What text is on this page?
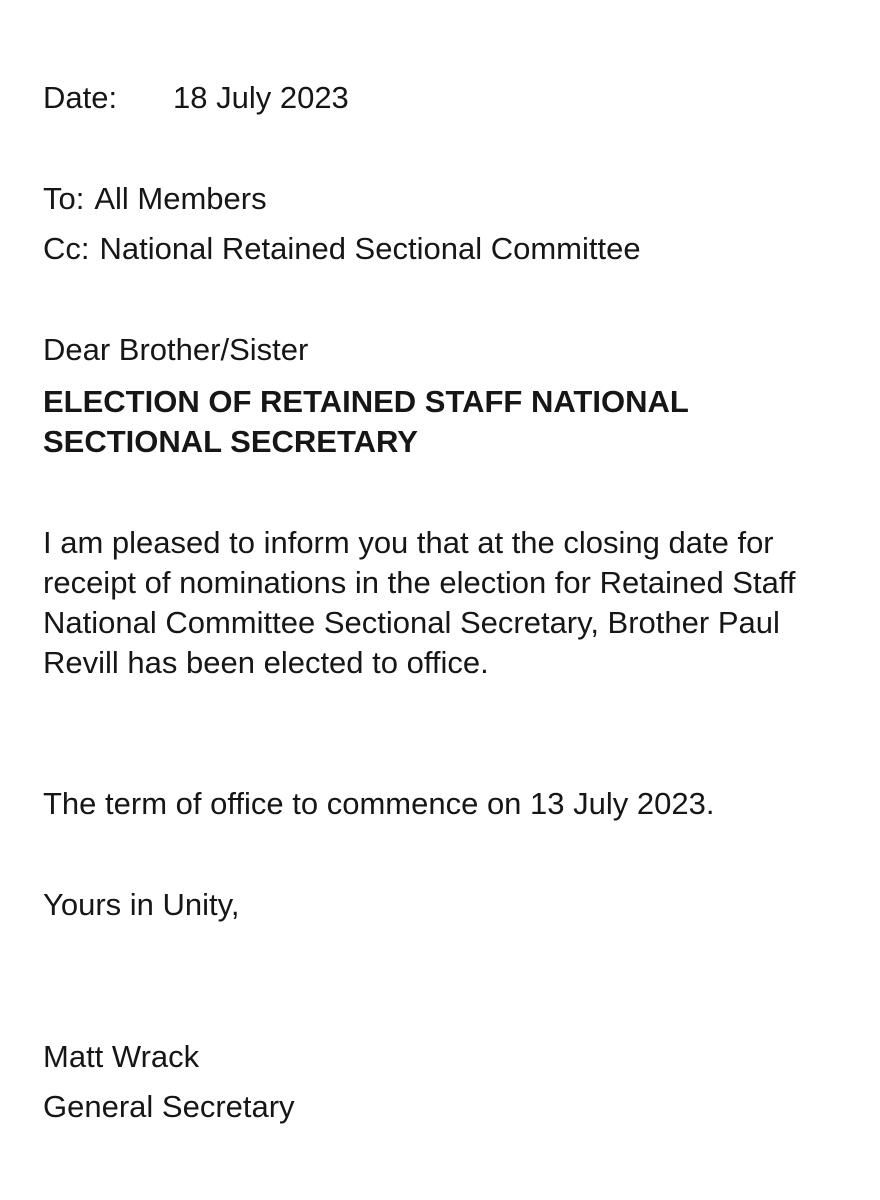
Date: 18 July 2023
To: All Members
Cc: National Retained Sectional Committee
Dear Brother/Sister
ELECTION OF RETAINED STAFF NATIONAL SECTIONAL SECRETARY
I am pleased to inform you that at the closing date for receipt of nominations in the election for Retained Staff National Committee Sectional Secretary, Brother Paul Revill has been elected to office.
The term of office to commence on 13 July 2023.
Yours in Unity,
Matt Wrack
General Secretary
